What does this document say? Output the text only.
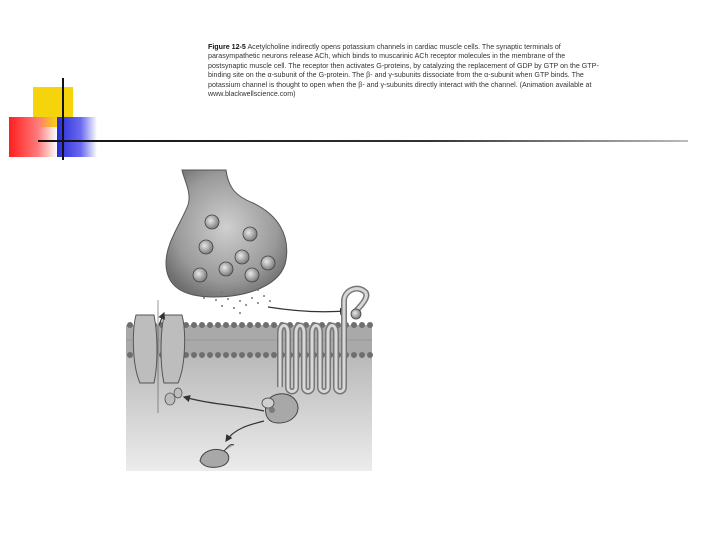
Figure 12-5 Acetylcholine indirectly opens potassium channels in cardiac muscle cells. The synaptic terminals of parasympathetic neurons release ACh, which binds to muscarinic ACh receptor molecules in the membrane of the postsynaptic muscle cell. The receptor then activates G-proteins, by catalyzing the replacement of GDP by GTP on the GTP-binding site on the α-subunit of the G-protein. The β- and γ-subunits dissociate from the α-subunit when GTP binds. The potassium channel is thought to open when the β- and γ-subunits directly interact with the channel. (Animation available at www.blackwellscience.com)
